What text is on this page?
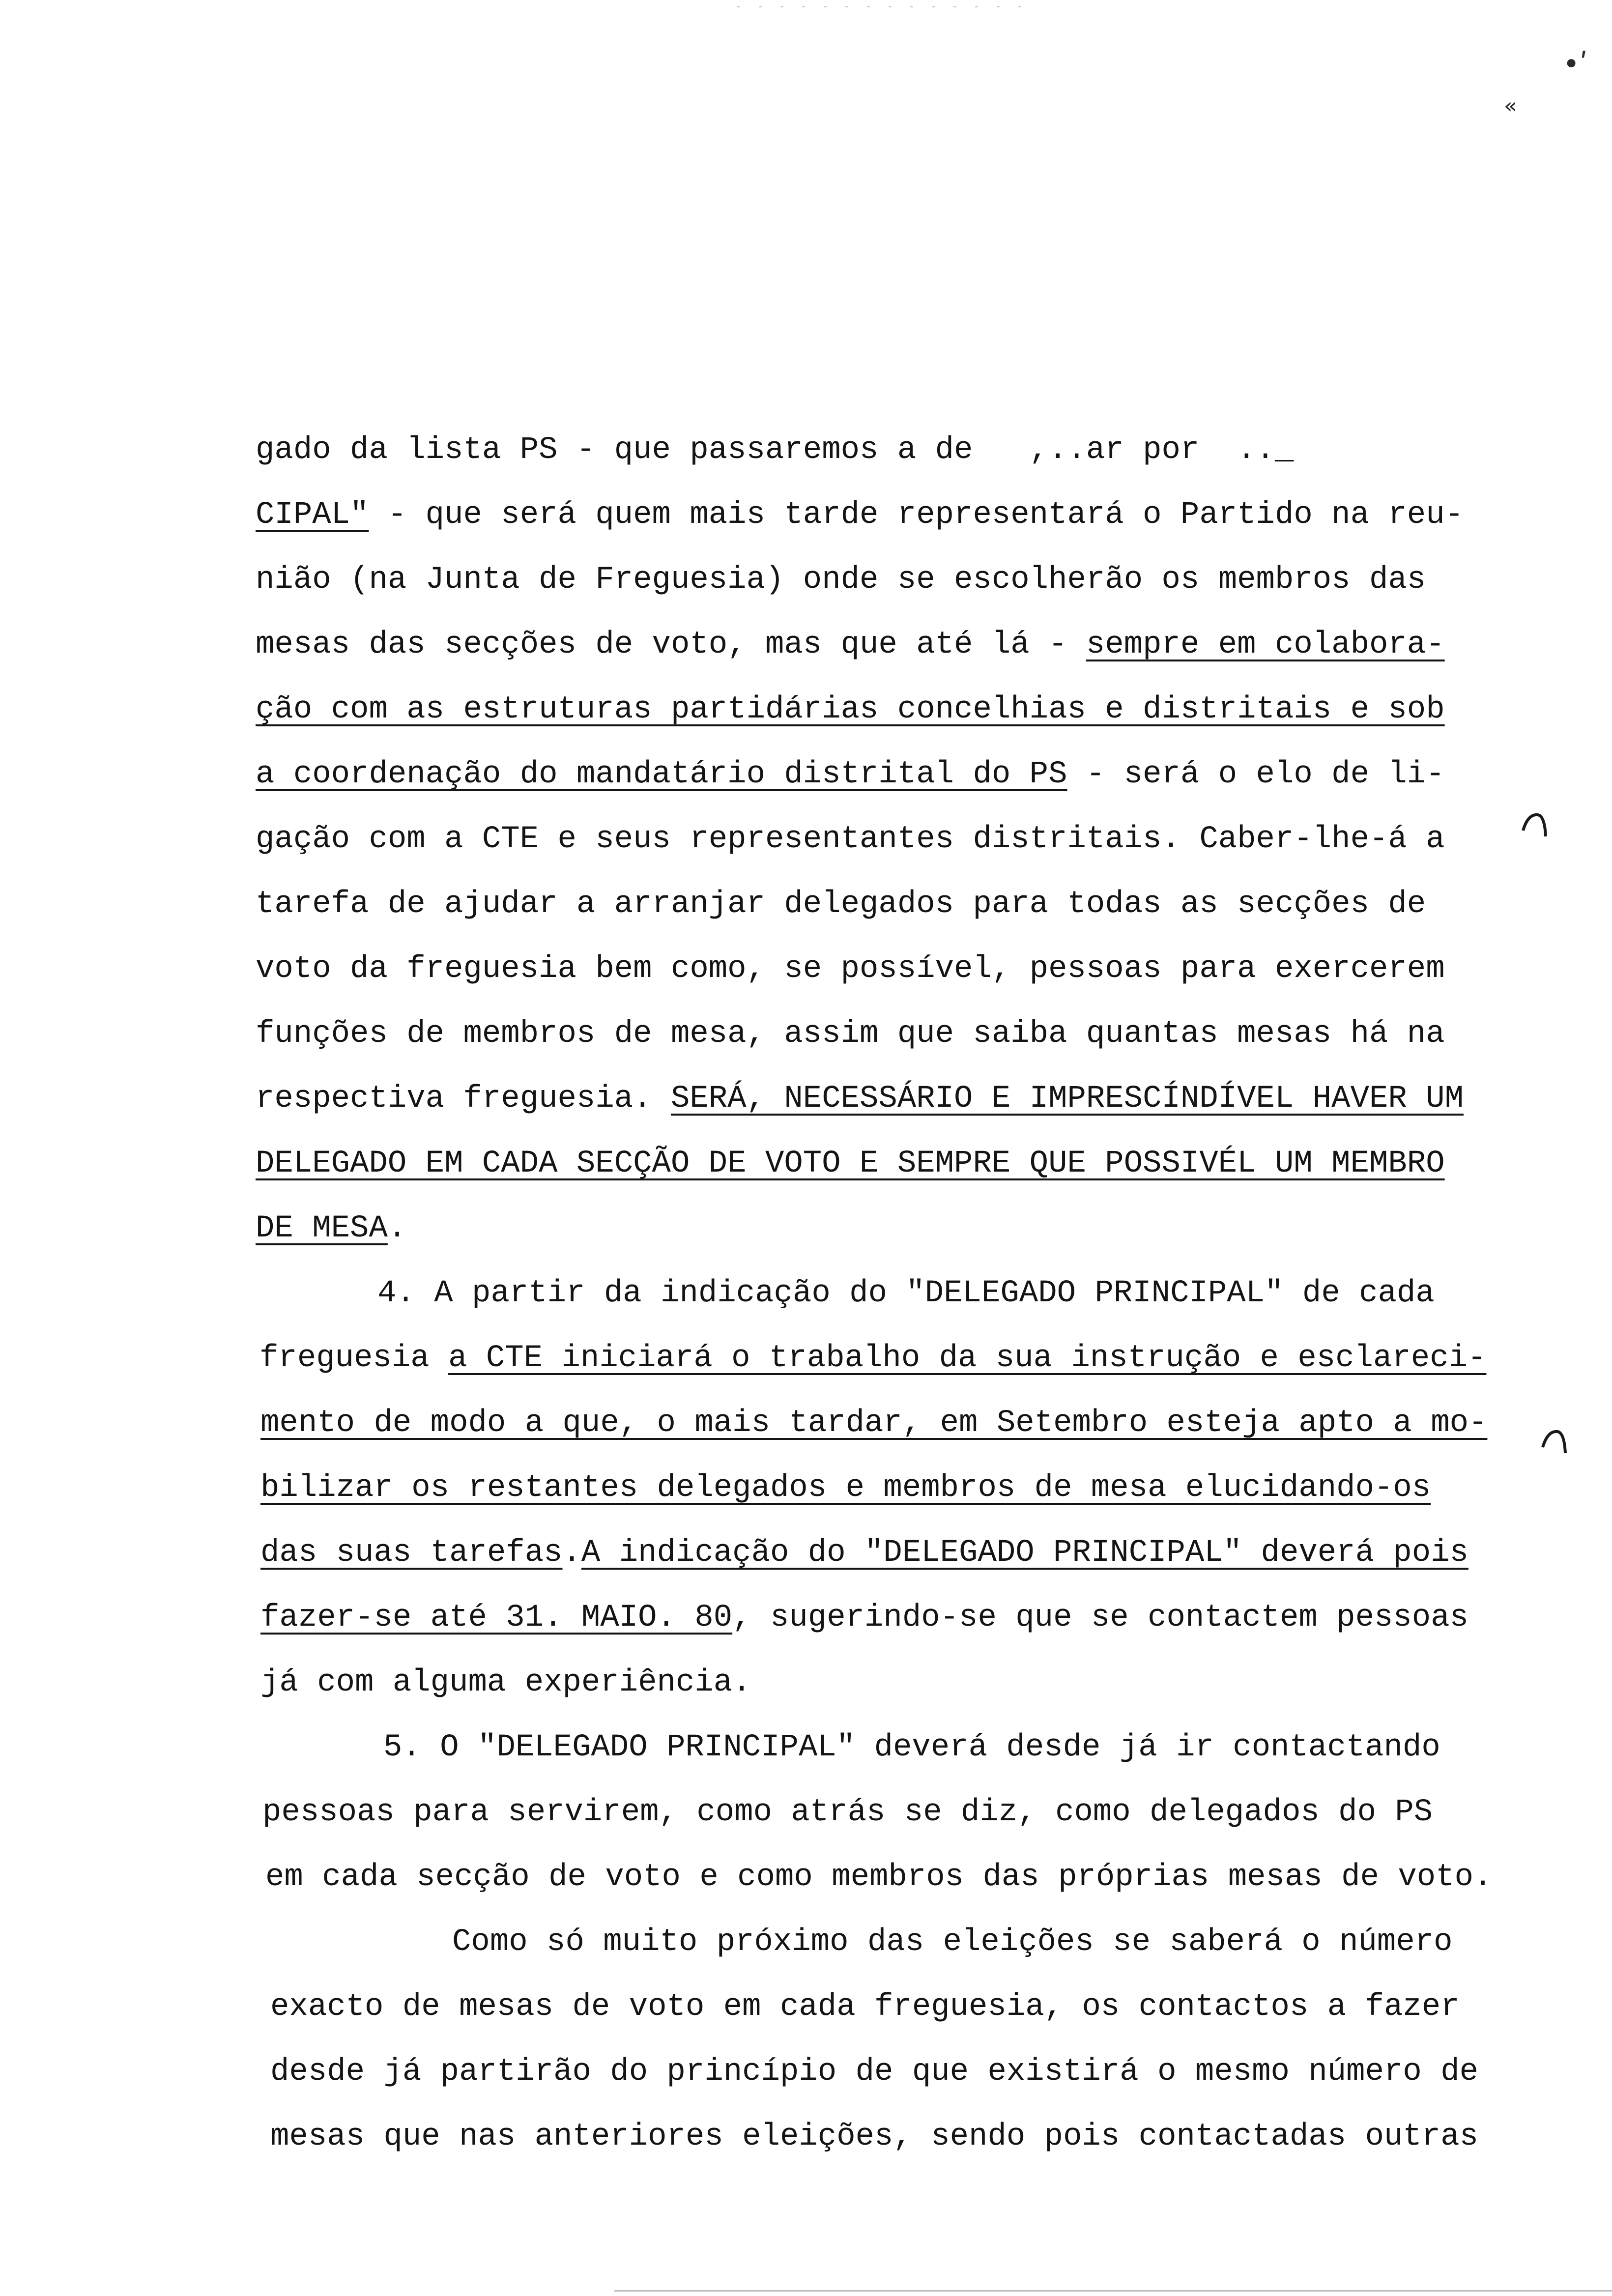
•ʹ
«
gado da lista PS - que passaremos a de   ,..ar por  .._
CIPAL" - que será quem mais tarde representará o Partido na reu-
nião (na Junta de Freguesia) onde se escolherão os membros das
mesas das secções de voto, mas que até lá - sempre em colabora-
ção com as estruturas partidárias concelhias e distritais e sob
a coordenação do mandatário distrital do PS - será o elo de li-
gação com a CTE e seus representantes distritais. Caber-lhe-á a
tarefa de ajudar a arranjar delegados para todas as secções de
voto da freguesia bem como, se possível, pessoas para exercerem
funções de membros de mesa, assim que saiba quantas mesas há na
respectiva freguesia. SERÁ, NECESSÁRIO E IMPRESCÍNDÍVEL HAVER UM
DELEGADO EM CADA SECÇÃO DE VOTO E SEMPRE QUE POSSIVÉL UM MEMBRO
DE MESA.
4. A partir da indicação do "DELEGADO PRINCIPAL" de cada
freguesia a CTE iniciará o trabalho da sua instrução e esclareci-
mento de modo a que, o mais tardar, em Setembro esteja apto a mo-
bilizar os restantes delegados e membros de mesa elucidando-os
das suas tarefas.A indicação do "DELEGADO PRINCIPAL" deverá pois
fazer-se até 31. MAIO. 80, sugerindo-se que se contactem pessoas
já com alguma experiência.
5. O "DELEGADO PRINCIPAL" deverá desde já ir contactando
pessoas para servirem, como atrás se diz, como delegados do PS
em cada secção de voto e como membros das próprias mesas de voto.
Como só muito próximo das eleições se saberá o número
exacto de mesas de voto em cada freguesia, os contactos a fazer
desde já partirão do princípio de que existirá o mesmo número de
mesas que nas anteriores eleições, sendo pois contactadas outras
